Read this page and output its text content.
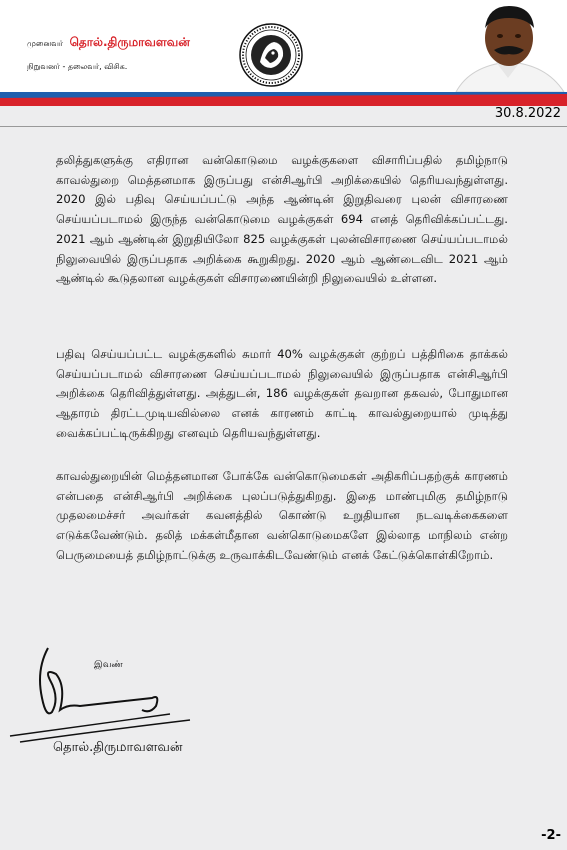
முனைவர் தொல்.திருமாவளவன்
நிறுவனர் - தலைவர், விசிக.
30.8.2022

தலித்துகளுக்கு எதிரான வன்கொடுமை வழக்குகளை விசாரிப்பதில் தமிழ்நாடு காவல்துறை மெத்தனமாக இருப்பது என்சிஆர்பி அறிக்கையில் தெரியவந்துள்ளது. 2020 இல் பதிவு செய்யப்பட்டு அந்த ஆண்டின் இறுதிவரை புலன் விசாரணை செய்யப்படாமல் இருந்த வன்கொடுமை வழக்குகள் 694 எனத் தெரிவிக்கப்பட்டது. 2021 ஆம் ஆண்டின் இறுதியிலோ 825 வழக்குகள் புலன்விசாரணை செய்யப்படாமல் நிலுவையில் இருப்பதாக அறிக்கை கூறுகிறது. 2020 ஆம் ஆண்டைவிட 2021 ஆம் ஆண்டில் கூடுதலான வழக்குகள் விசாரணையின்றி நிலுவையில் உள்ளன.

பதிவு செய்யப்பட்ட வழக்குகளில் சுமார் 40% வழக்குகள் குற்றப் பத்திரிகை தாக்கல் செய்யப்படாமல் விசாரணை செய்யப்படாமல் நிலுவையில் இருப்பதாக என்சிஆர்பி அறிக்கை தெரிவித்துள்ளது. அத்துடன், 186 வழக்குகள் தவறான தகவல், போதுமான ஆதாரம் திரட்டமுடியவில்லை எனக் காரணம் காட்டி காவல்துறையால் முடித்து வைக்கப்பட்டிருக்கிறது எனவும் தெரியவந்துள்ளது.

காவல்துறையின் மெத்தனமான போக்கே வன்கொடுமைகள் அதிகரிப்பதற்குக் காரணம் என்பதை என்சிஆர்பி அறிக்கை புலப்படுத்துகிறது. இதை மாண்புமிகு தமிழ்நாடு முதலமைச்சர் அவர்கள் கவனத்தில் கொண்டு உறுதியான நடவடிக்கைகளை எடுக்கவேண்டும். தலித் மக்கள்மீதான வன்கொடுமைகளே இல்லாத மாநிலம் என்ற பெருமையைத் தமிழ்நாட்டுக்கு உருவாக்கிடவேண்டும் எனக் கேட்டுக்கொள்கிறோம்.

இவண்
தொல்.திருமாவளவன்
-2-
